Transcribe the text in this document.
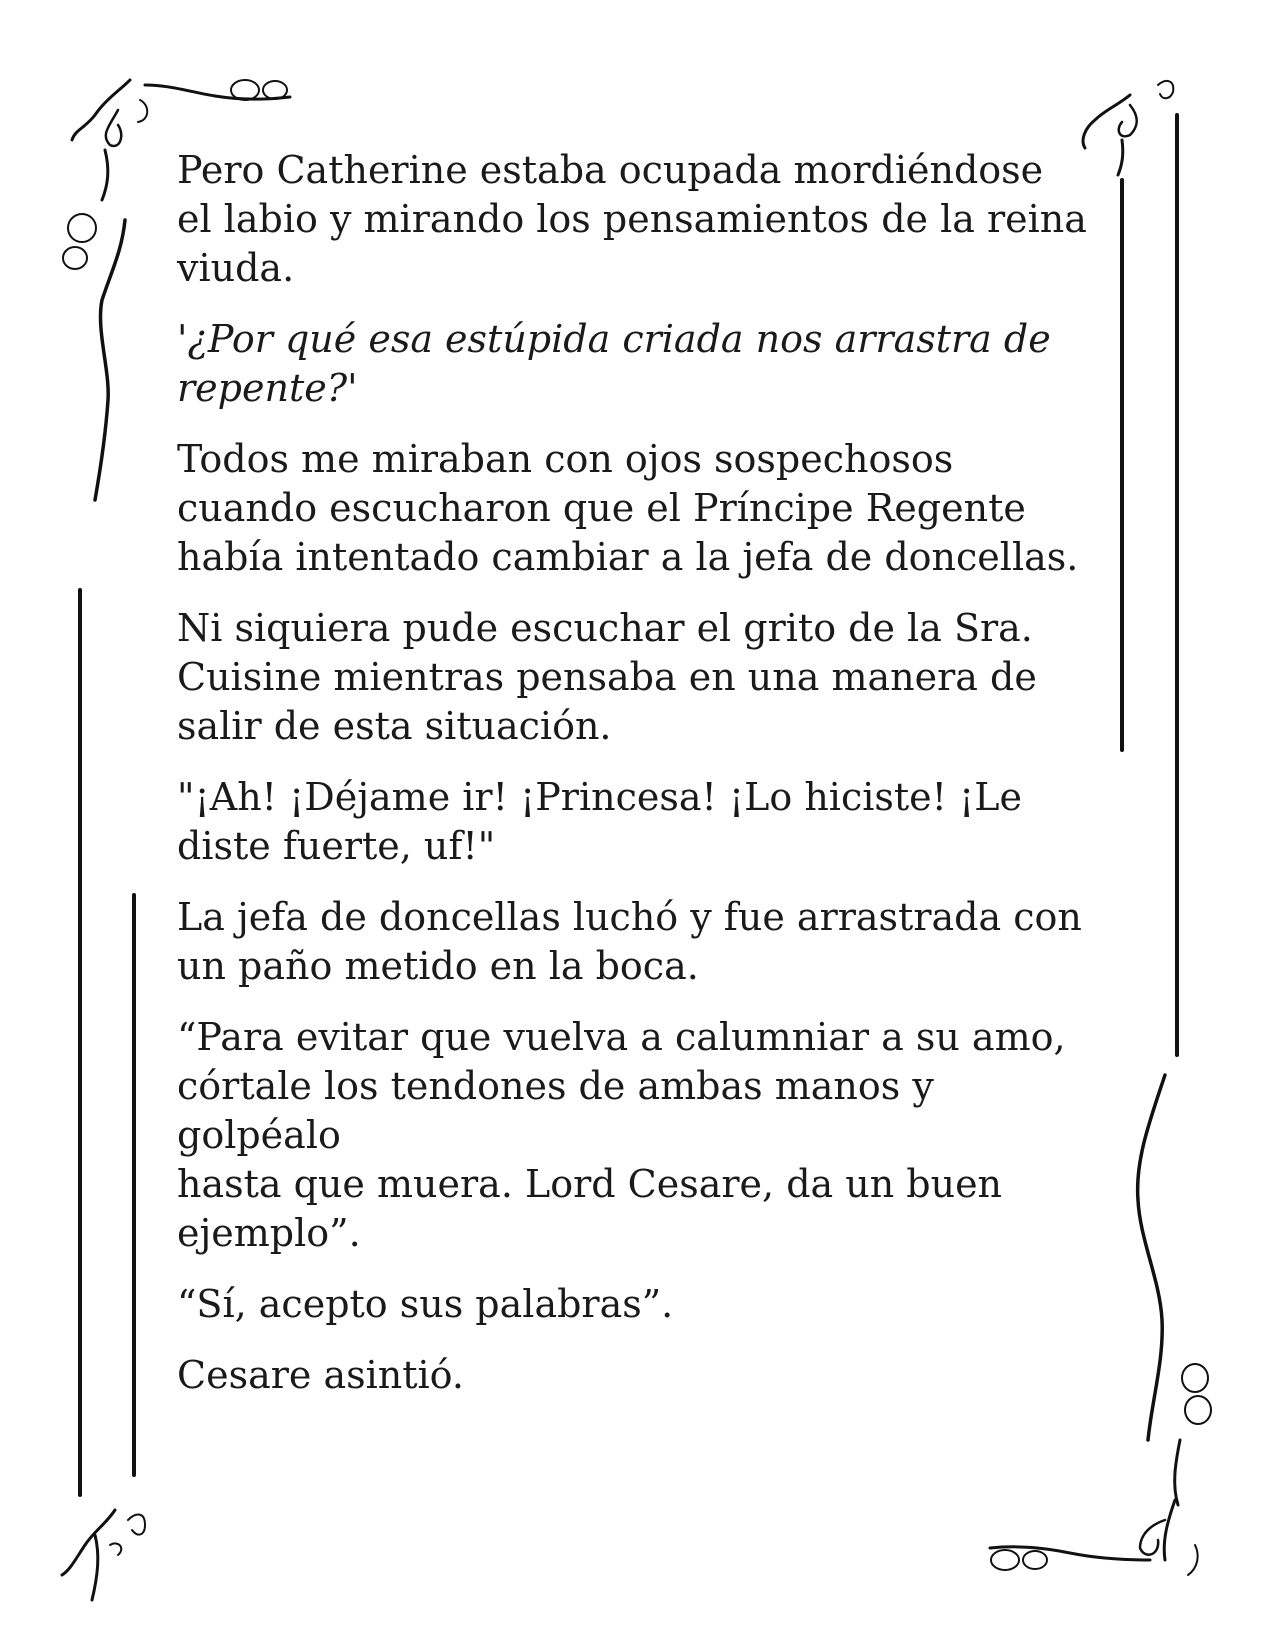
Pero Catherine estaba ocupada mordiéndose
el labio y mirando los pensamientos de la reina
viuda.

'¿Por qué esa estúpida criada nos arrastra de
repente?'

Todos me miraban con ojos sospechosos
cuando escucharon que el Príncipe Regente
había intentado cambiar a la jefa de doncellas.

Ni siquiera pude escuchar el grito de la Sra.
Cuisine mientras pensaba en una manera de
salir de esta situación.

"¡Ah! ¡Déjame ir! ¡Princesa! ¡Lo hiciste! ¡Le
diste fuerte, uf!"

La jefa de doncellas luchó y fue arrastrada con
un paño metido en la boca.

“Para evitar que vuelva a calumniar a su amo,
córtale los tendones de ambas manos y golpéalo
hasta que muera. Lord Cesare, da un buen
ejemplo”.

“Sí, acepto sus palabras”.

Cesare asintió.
